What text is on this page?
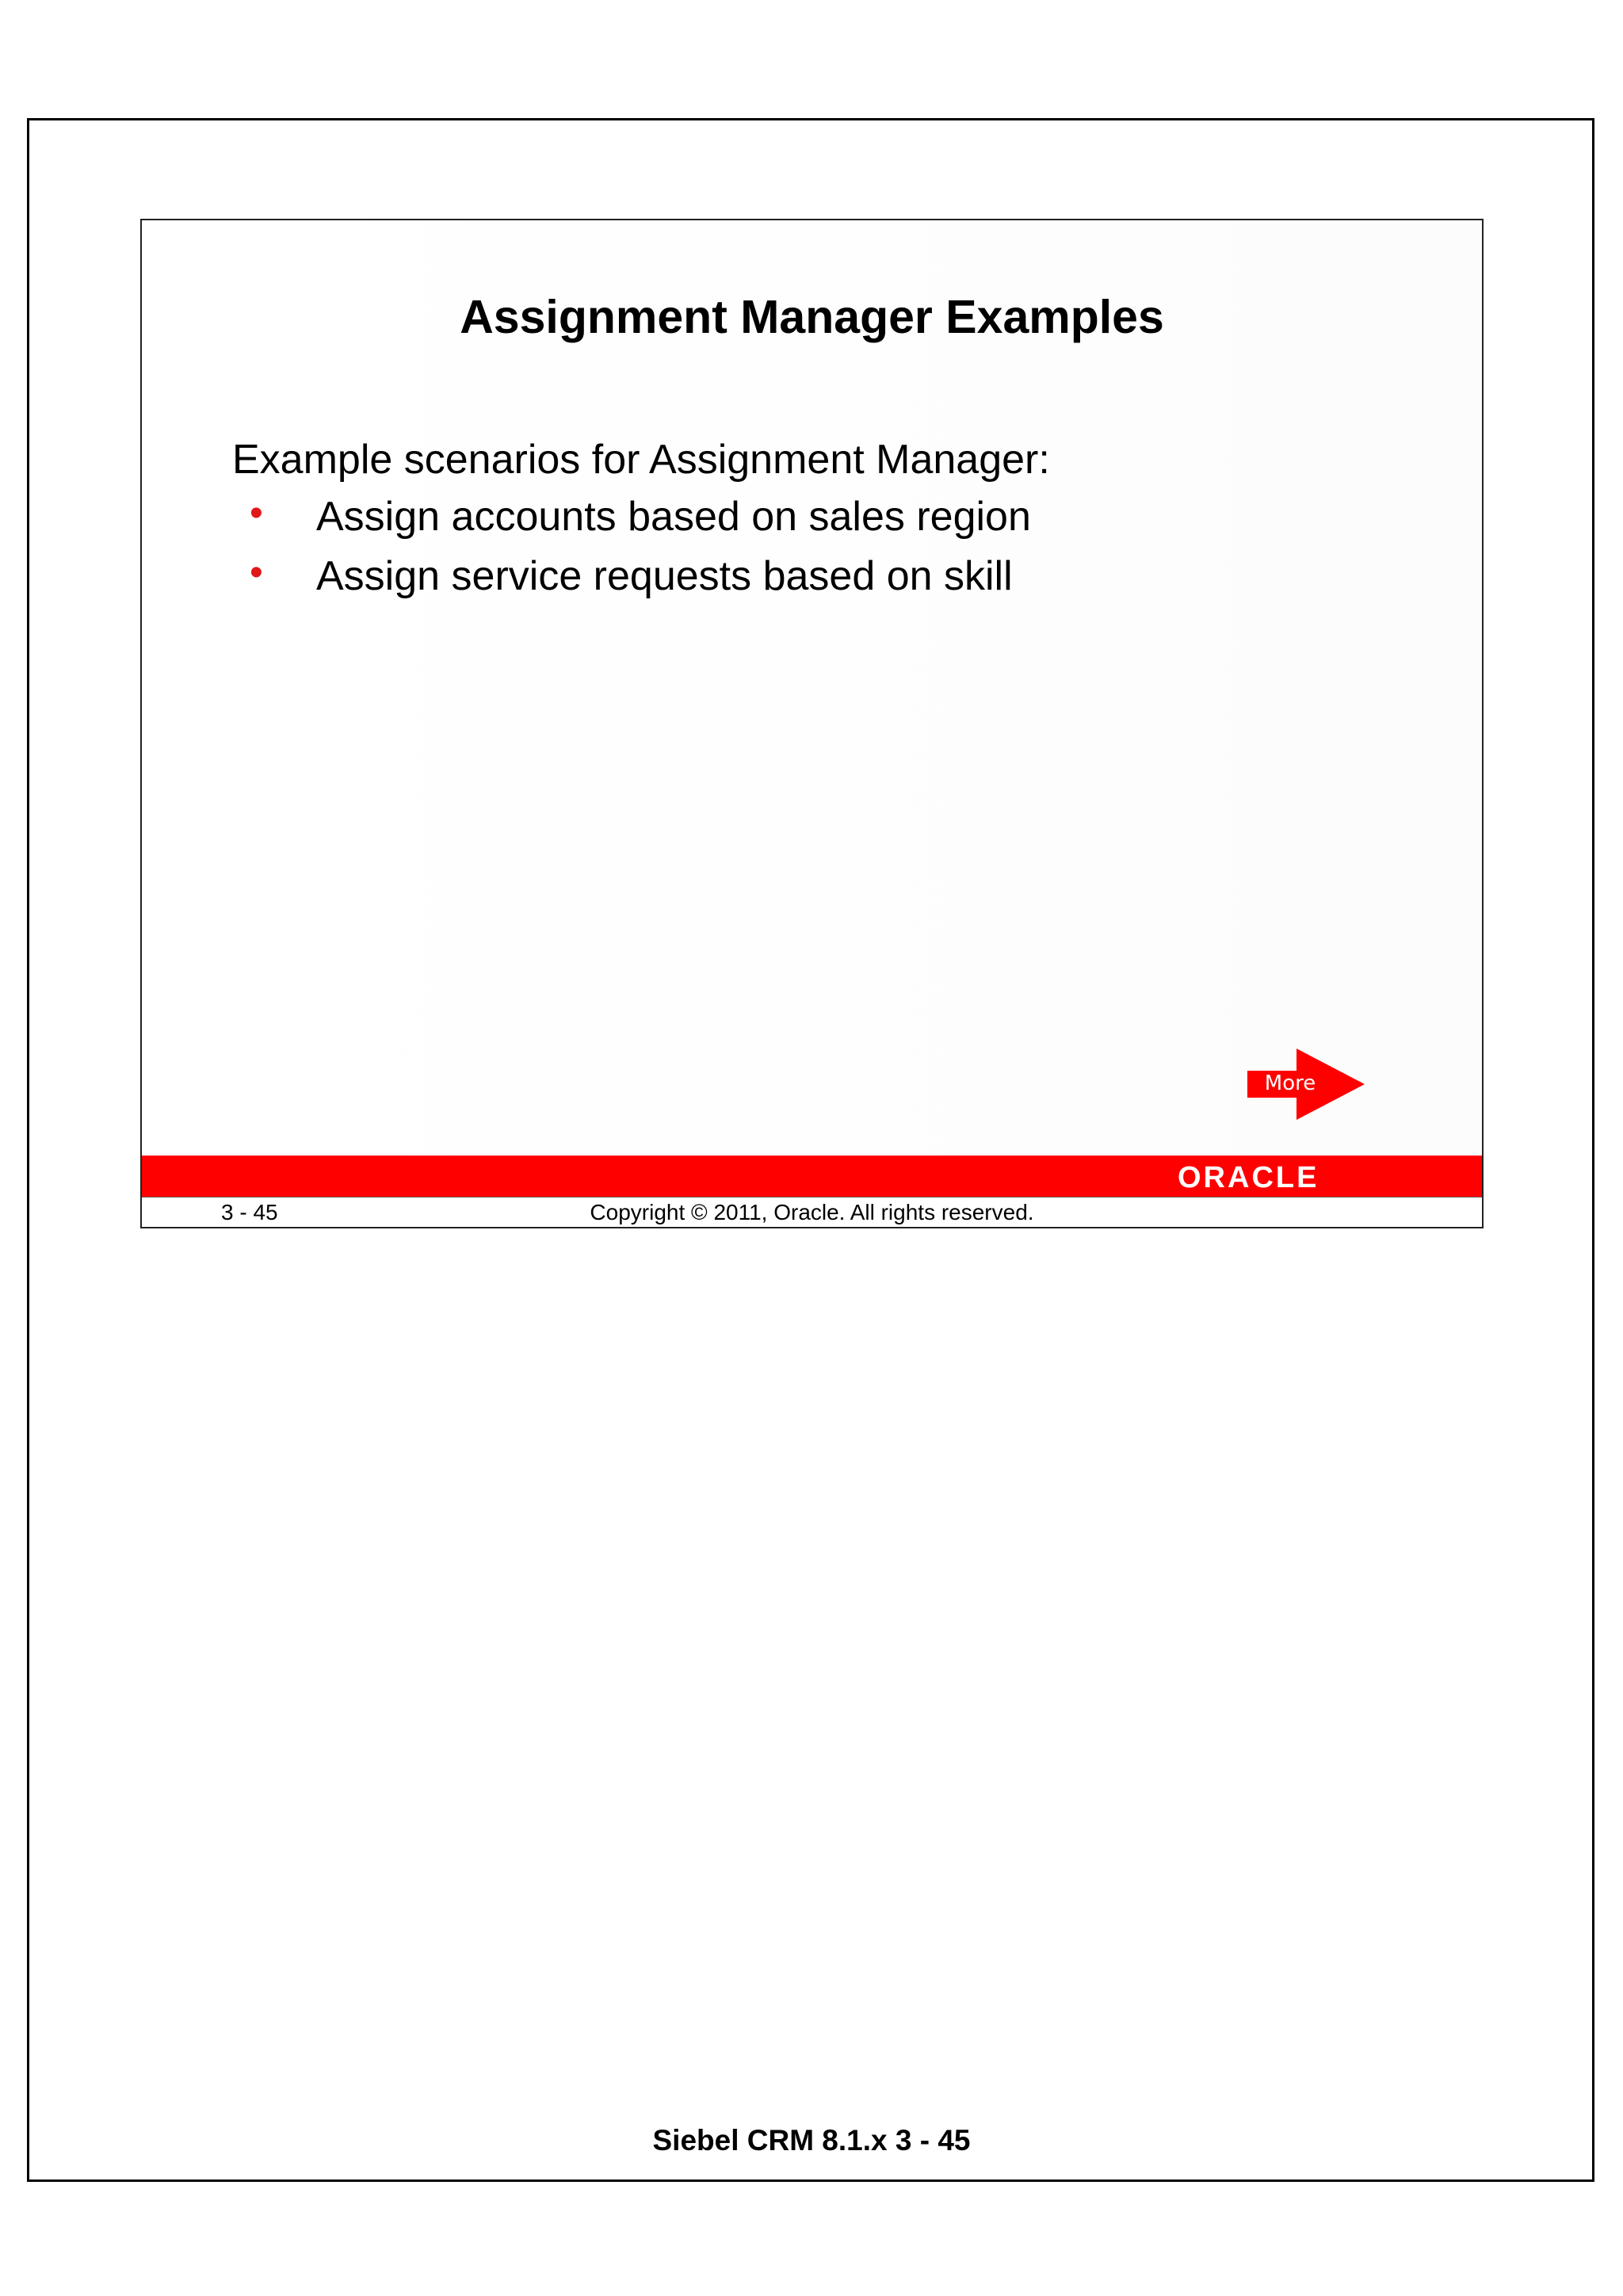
Assignment Manager Examples
Example scenarios for Assignment Manager:
• Assign accounts based on sales region
• Assign service requests based on skill
More
ORACLE
3 - 45	Copyright © 2011, Oracle. All rights reserved.
Siebel CRM 8.1.x 3 - 45
